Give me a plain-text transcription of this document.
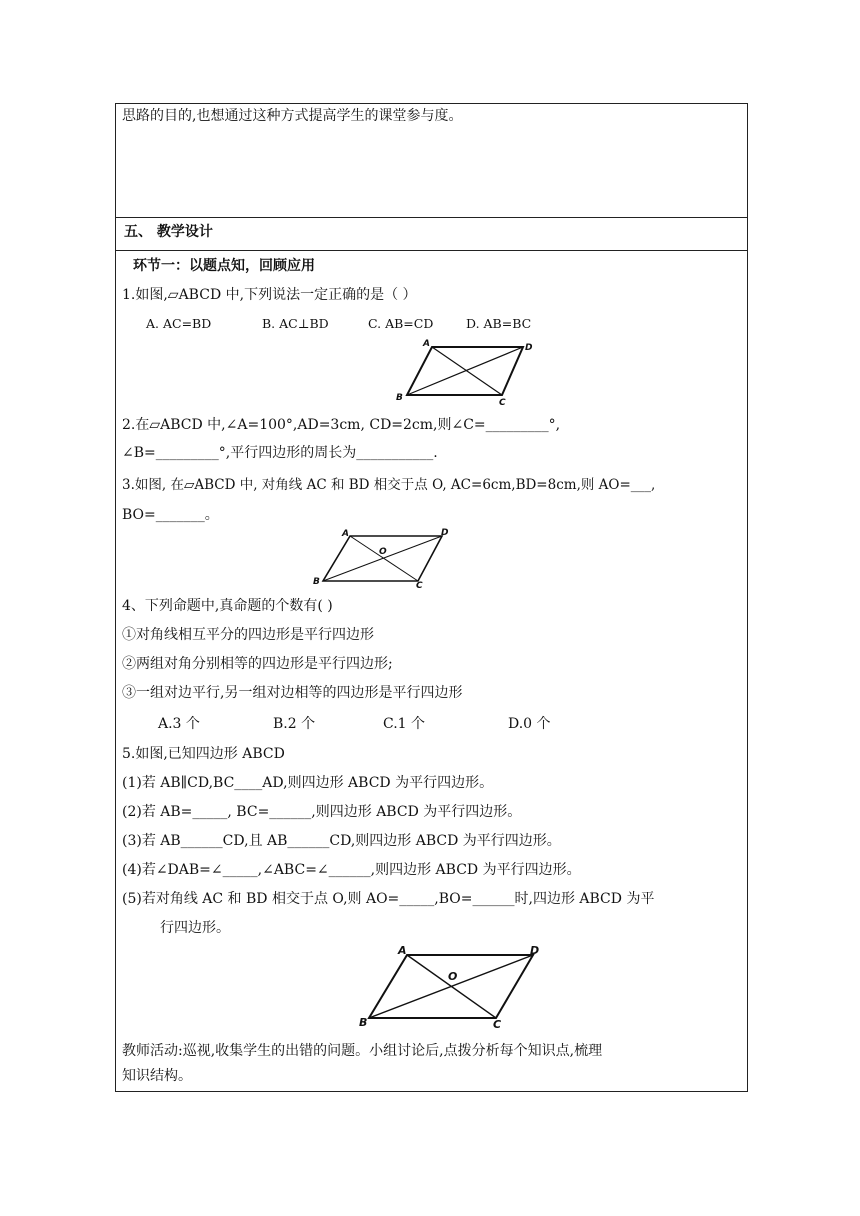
思路的目的,也想通过这种方式提高学生的课堂参与度。
五、 教学设计
环节一：以题点知，回顾应用
1.如图,▱ABCD 中,下列说法一定正确的是（ ）
A. AC=BD	B. AC⊥BD	C. AB=CD	D. AB=BC
A	D
B	C
2.在▱ABCD 中,∠A=100°,AD=3cm, CD=2cm,则∠C=_________°,
∠B=_________°,平行四边形的周长为___________.
3.如图, 在▱ABCD 中, 对角线 AC 和 BD 相交于点 O, AC=6cm,BD=8cm,则 AO=___,
BO=_______。
A	D
O
B	C
4、下列命题中,真命题的个数有( )
①对角线相互平分的四边形是平行四边形
②两组对角分别相等的四边形是平行四边形;
③一组对边平行,另一组对边相等的四边形是平行四边形
A.3 个	B.2 个	C.1 个	D.0 个
5.如图,已知四边形 ABCD
(1)若 AB∥CD,BC____AD,则四边形 ABCD 为平行四边形。
(2)若 AB=_____, BC=______,则四边形 ABCD 为平行四边形。
(3)若 AB______CD,且 AB______CD,则四边形 ABCD 为平行四边形。
(4)若∠DAB=∠_____,∠ABC=∠______,则四边形 ABCD 为平行四边形。
(5)若对角线 AC 和 BD 相交于点 O,则 AO=_____,BO=______时,四边形 ABCD 为平
行四边形。
A	D
O
B	C
教师活动:巡视,收集学生的出错的问题。小组讨论后,点拨分析每个知识点,梳理
知识结构。
